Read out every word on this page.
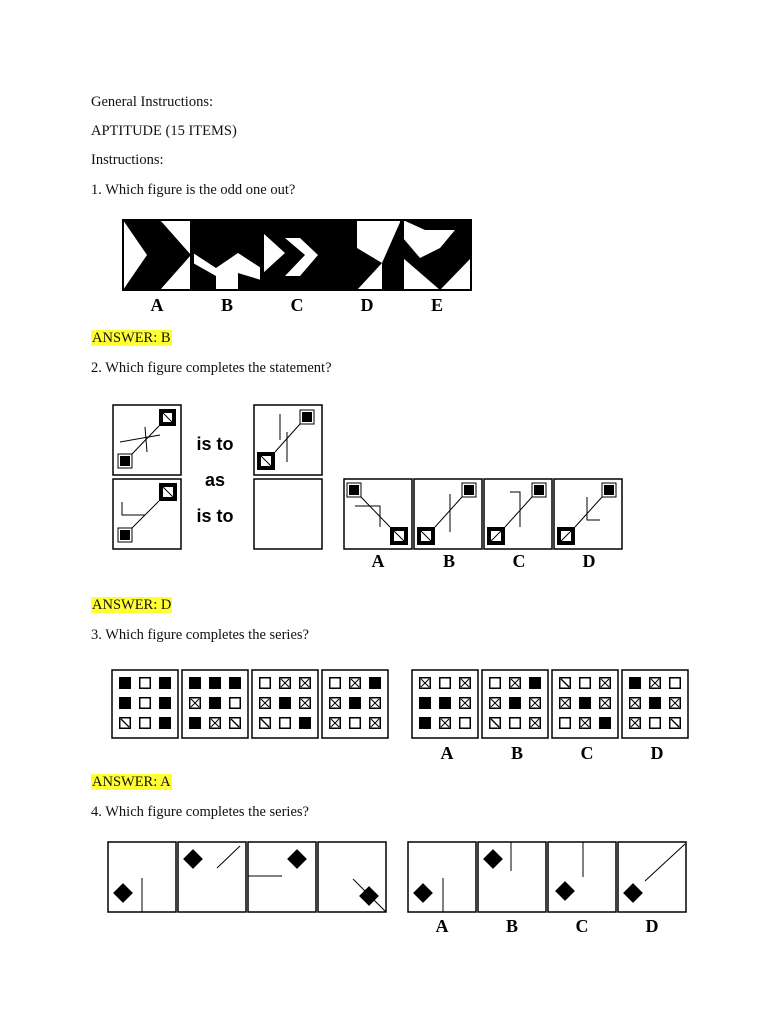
General Instructions:
APTITUDE (15 ITEMS)
Instructions:
1. Which figure is the odd one out?
A	B	C	D	E
ANSWER: B
2. Which figure completes the statement?
is to
as
is to
A	B	C	D
ANSWER: D
3. Which figure completes the series?
A	B	C	D
ANSWER: A
4. Which figure completes the series?
A	B	C	D
